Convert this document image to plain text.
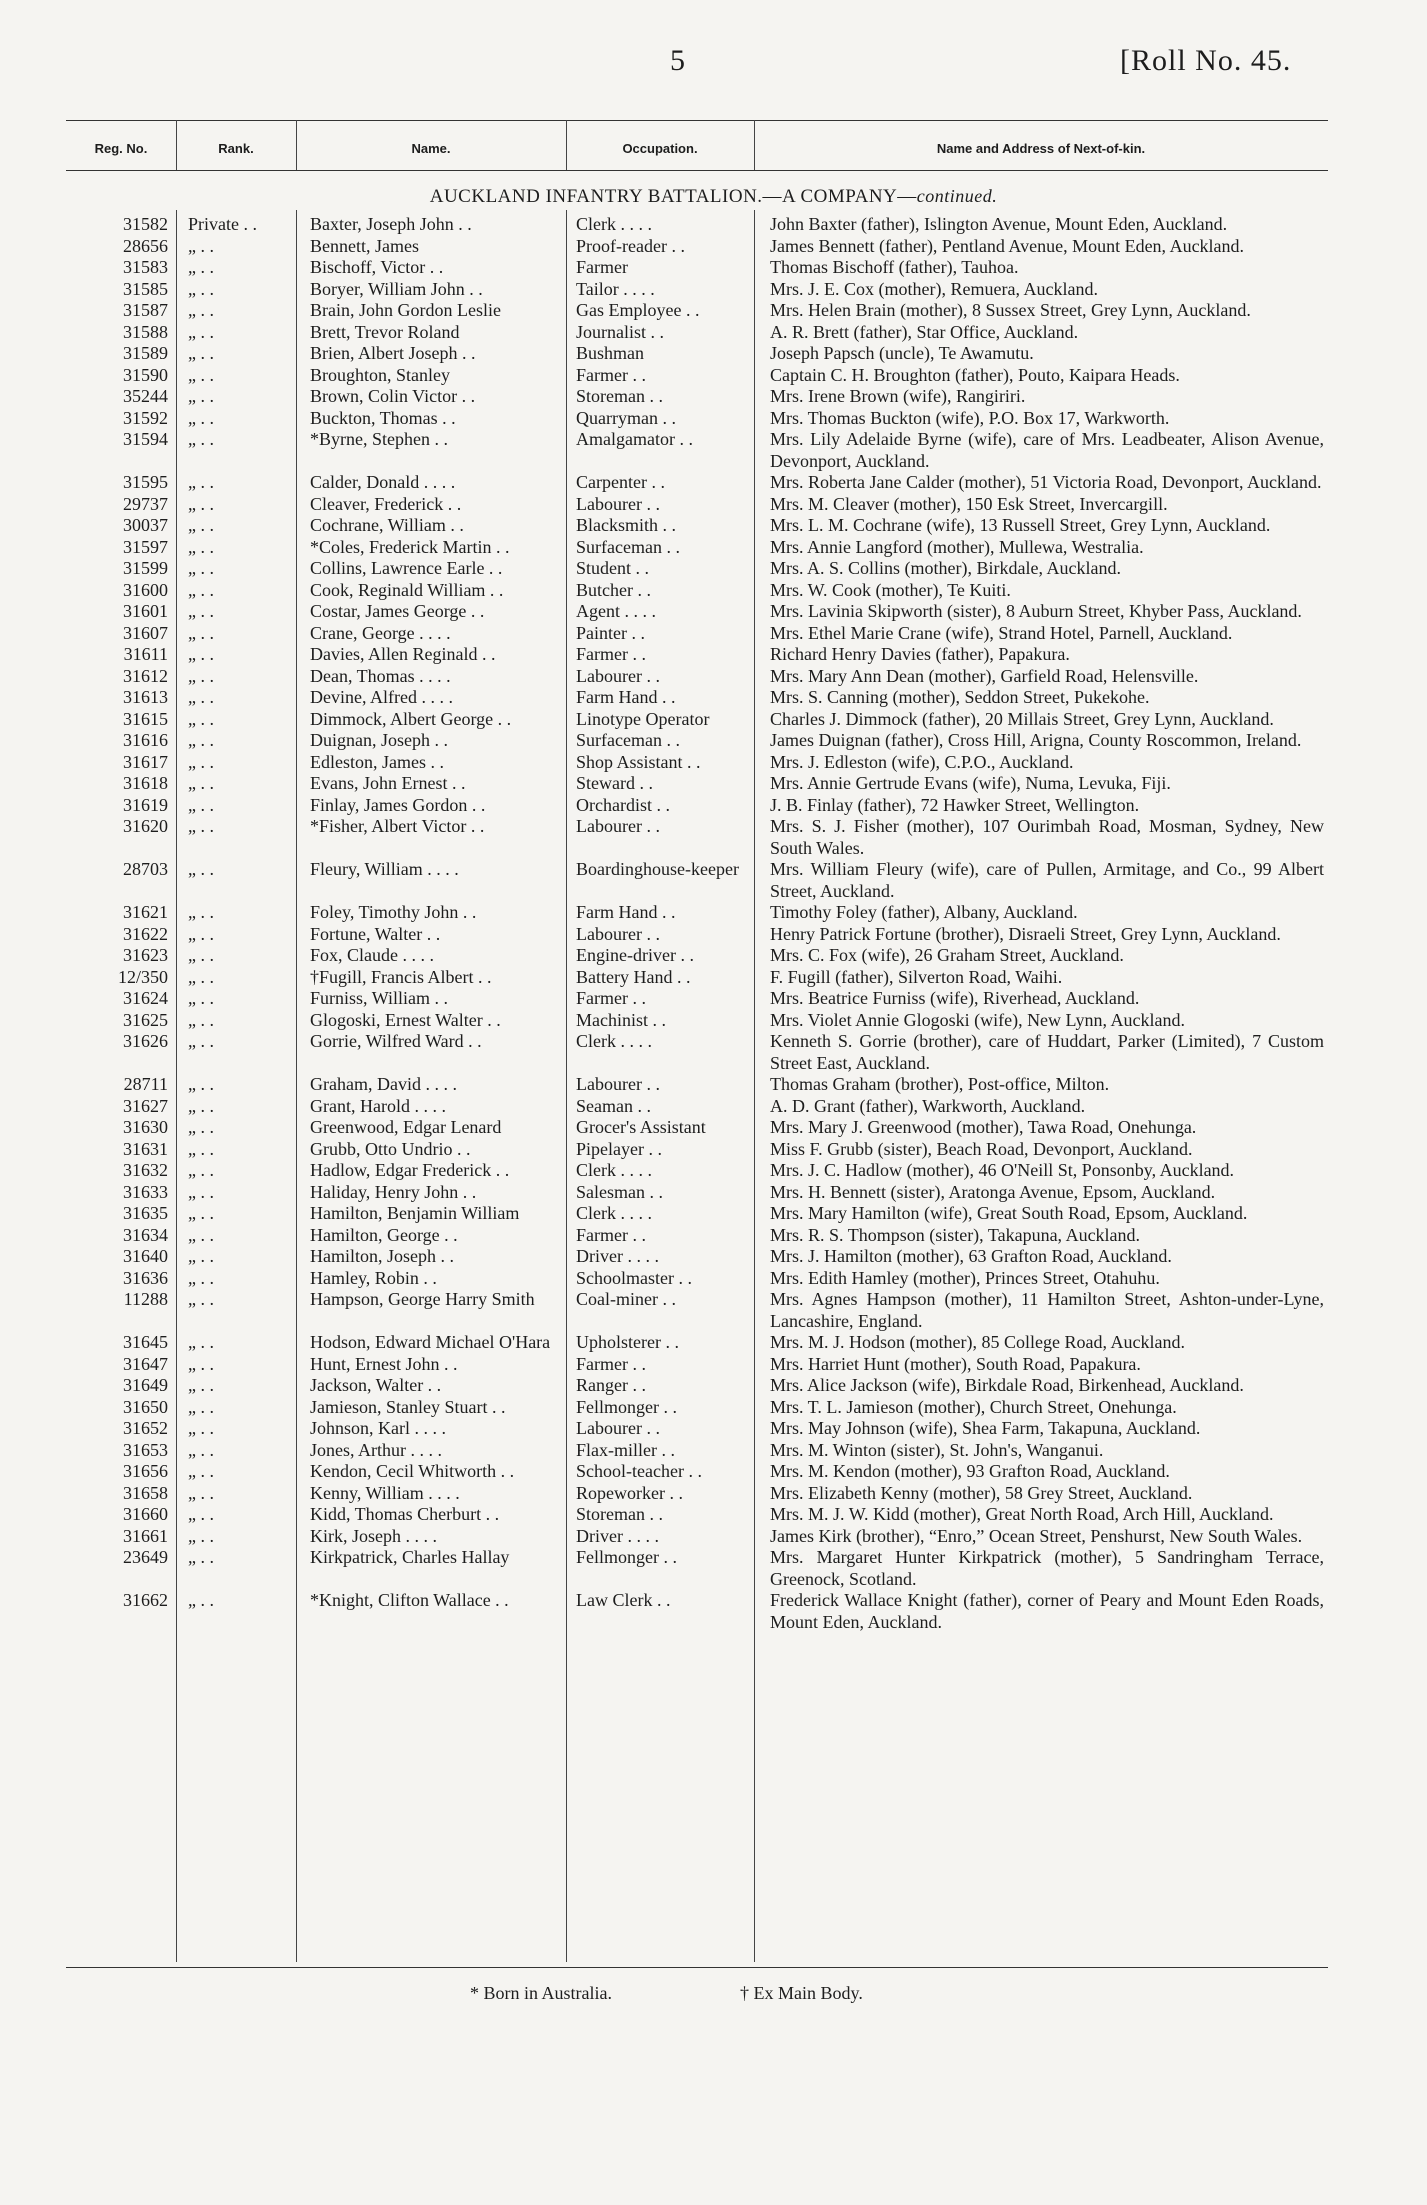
5	[Roll No. 45.
Reg. No.	Rank.	Name.	Occupation.	Name and Address of Next-of-kin.
AUCKLAND INFANTRY BATTALION.—A COMPANY—continued.
31582	Private . .	Baxter, Joseph John . .	Clerk . . . .	John Baxter (father), Islington Avenue, Mount Eden, Auckland.
28656	„ . .	Bennett, James	Proof-reader . .	James Bennett (father), Pentland Avenue, Mount Eden, Auckland.
31583	„ . .	Bischoff, Victor . .	Farmer	Thomas Bischoff (father), Tauhoa.
31585	„ . .	Boryer, William John . .	Tailor . . . .	Mrs. J. E. Cox (mother), Remuera, Auckland.
31587	„ . .	Brain, John Gordon Leslie	Gas Employee . .	Mrs. Helen Brain (mother), 8 Sussex Street, Grey Lynn, Auckland.
31588	„ . .	Brett, Trevor Roland	Journalist . .	A. R. Brett (father), Star Office, Auckland.
31589	„ . .	Brien, Albert Joseph . .	Bushman	Joseph Papsch (uncle), Te Awamutu.
31590	„ . .	Broughton, Stanley	Farmer . .	Captain C. H. Broughton (father), Pouto, Kaipara Heads.
35244	„ . .	Brown, Colin Victor . .	Storeman . .	Mrs. Irene Brown (wife), Rangiriri.
31592	„ . .	Buckton, Thomas . .	Quarryman . .	Mrs. Thomas Buckton (wife), P.O. Box 17, Warkworth.
31594	„ . .	*Byrne, Stephen . .	Amalgamator . .	Mrs. Lily Adelaide Byrne (wife), care of Mrs. Leadbeater, Alison Avenue, Devonport, Auckland.
31595	„ . .	Calder, Donald . . . .	Carpenter . .	Mrs. Roberta Jane Calder (mother), 51 Victoria Road, Devonport, Auckland.
29737	„ . .	Cleaver, Frederick . .	Labourer . .	Mrs. M. Cleaver (mother), 150 Esk Street, Invercargill.
30037	„ . .	Cochrane, William . .	Blacksmith . .	Mrs. L. M. Cochrane (wife), 13 Russell Street, Grey Lynn, Auckland.
31597	„ . .	*Coles, Frederick Martin . .	Surfaceman . .	Mrs. Annie Langford (mother), Mullewa, Westralia.
31599	„ . .	Collins, Lawrence Earle . .	Student . .	Mrs. A. S. Collins (mother), Birkdale, Auckland.
31600	„ . .	Cook, Reginald William . .	Butcher . .	Mrs. W. Cook (mother), Te Kuiti.
31601	„ . .	Costar, James George . .	Agent . . . .	Mrs. Lavinia Skipworth (sister), 8 Auburn Street, Khyber Pass, Auckland.
31607	„ . .	Crane, George . . . .	Painter . .	Mrs. Ethel Marie Crane (wife), Strand Hotel, Parnell, Auckland.
31611	„ . .	Davies, Allen Reginald . .	Farmer . .	Richard Henry Davies (father), Papakura.
31612	„ . .	Dean, Thomas . . . .	Labourer . .	Mrs. Mary Ann Dean (mother), Garfield Road, Helensville.
31613	„ . .	Devine, Alfred . . . .	Farm Hand . .	Mrs. S. Canning (mother), Seddon Street, Pukekohe.
31615	„ . .	Dimmock, Albert George . .	Linotype Operator	Charles J. Dimmock (father), 20 Millais Street, Grey Lynn, Auckland.
31616	„ . .	Duignan, Joseph . .	Surfaceman . .	James Duignan (father), Cross Hill, Arigna, County Roscommon, Ireland.
31617	„ . .	Edleston, James . .	Shop Assistant . .	Mrs. J. Edleston (wife), C.P.O., Auckland.
31618	„ . .	Evans, John Ernest . .	Steward . .	Mrs. Annie Gertrude Evans (wife), Numa, Levuka, Fiji.
31619	„ . .	Finlay, James Gordon . .	Orchardist . .	J. B. Finlay (father), 72 Hawker Street, Wellington.
31620	„ . .	*Fisher, Albert Victor . .	Labourer . .	Mrs. S. J. Fisher (mother), 107 Ourimbah Road, Mosman, Sydney, New South Wales.
28703	„ . .	Fleury, William . . . .	Boardinghouse-keeper	Mrs. William Fleury (wife), care of Pullen, Armitage, and Co., 99 Albert Street, Auckland.
31621	„ . .	Foley, Timothy John . .	Farm Hand . .	Timothy Foley (father), Albany, Auckland.
31622	„ . .	Fortune, Walter . .	Labourer . .	Henry Patrick Fortune (brother), Disraeli Street, Grey Lynn, Auckland.
31623	„ . .	Fox, Claude . . . .	Engine-driver . .	Mrs. C. Fox (wife), 26 Graham Street, Auckland.
12/350	„ . .	†Fugill, Francis Albert . .	Battery Hand . .	F. Fugill (father), Silverton Road, Waihi.
31624	„ . .	Furniss, William . .	Farmer . .	Mrs. Beatrice Furniss (wife), Riverhead, Auckland.
31625	„ . .	Glogoski, Ernest Walter . .	Machinist . .	Mrs. Violet Annie Glogoski (wife), New Lynn, Auckland.
31626	„ . .	Gorrie, Wilfred Ward . .	Clerk . . . .	Kenneth S. Gorrie (brother), care of Huddart, Parker (Limited), 7 Custom Street East, Auckland.
28711	„ . .	Graham, David . . . .	Labourer . .	Thomas Graham (brother), Post-office, Milton.
31627	„ . .	Grant, Harold . . . .	Seaman . .	A. D. Grant (father), Warkworth, Auckland.
31630	„ . .	Greenwood, Edgar Lenard	Grocer's Assistant	Mrs. Mary J. Greenwood (mother), Tawa Road, Onehunga.
31631	„ . .	Grubb, Otto Undrio . .	Pipelayer . .	Miss F. Grubb (sister), Beach Road, Devonport, Auckland.
31632	„ . .	Hadlow, Edgar Frederick . .	Clerk . . . .	Mrs. J. C. Hadlow (mother), 46 O'Neill St, Ponsonby, Auckland.
31633	„ . .	Haliday, Henry John . .	Salesman . .	Mrs. H. Bennett (sister), Aratonga Avenue, Epsom, Auckland.
31635	„ . .	Hamilton, Benjamin William	Clerk . . . .	Mrs. Mary Hamilton (wife), Great South Road, Epsom, Auckland.
31634	„ . .	Hamilton, George . .	Farmer . .	Mrs. R. S. Thompson (sister), Takapuna, Auckland.
31640	„ . .	Hamilton, Joseph . .	Driver . . . .	Mrs. J. Hamilton (mother), 63 Grafton Road, Auckland.
31636	„ . .	Hamley, Robin . .	Schoolmaster . .	Mrs. Edith Hamley (mother), Princes Street, Otahuhu.
11288	„ . .	Hampson, George Harry Smith	Coal-miner . .	Mrs. Agnes Hampson (mother), 11 Hamilton Street, Ashton-under-Lyne, Lancashire, England.
31645	„ . .	Hodson, Edward Michael O'Hara	Upholsterer . .	Mrs. M. J. Hodson (mother), 85 College Road, Auckland.
31647	„ . .	Hunt, Ernest John . .	Farmer . .	Mrs. Harriet Hunt (mother), South Road, Papakura.
31649	„ . .	Jackson, Walter . .	Ranger . .	Mrs. Alice Jackson (wife), Birkdale Road, Birkenhead, Auckland.
31650	„ . .	Jamieson, Stanley Stuart . .	Fellmonger . .	Mrs. T. L. Jamieson (mother), Church Street, Onehunga.
31652	„ . .	Johnson, Karl . . . .	Labourer . .	Mrs. May Johnson (wife), Shea Farm, Takapuna, Auckland.
31653	„ . .	Jones, Arthur . . . .	Flax-miller . .	Mrs. M. Winton (sister), St. John's, Wanganui.
31656	„ . .	Kendon, Cecil Whitworth . .	School-teacher . .	Mrs. M. Kendon (mother), 93 Grafton Road, Auckland.
31658	„ . .	Kenny, William . . . .	Ropeworker . .	Mrs. Elizabeth Kenny (mother), 58 Grey Street, Auckland.
31660	„ . .	Kidd, Thomas Cherburt . .	Storeman . .	Mrs. M. J. W. Kidd (mother), Great North Road, Arch Hill, Auckland.
31661	„ . .	Kirk, Joseph . . . .	Driver . . . .	James Kirk (brother), “Enro,” Ocean Street, Penshurst, New South Wales.
23649	„ . .	Kirkpatrick, Charles Hallay	Fellmonger . .	Mrs. Margaret Hunter Kirkpatrick (mother), 5 Sandringham Terrace, Greenock, Scotland.
31662	„ . .	*Knight, Clifton Wallace . .	Law Clerk . .	Frederick Wallace Knight (father), corner of Peary and Mount Eden Roads, Mount Eden, Auckland.
* Born in Australia.	† Ex Main Body.
